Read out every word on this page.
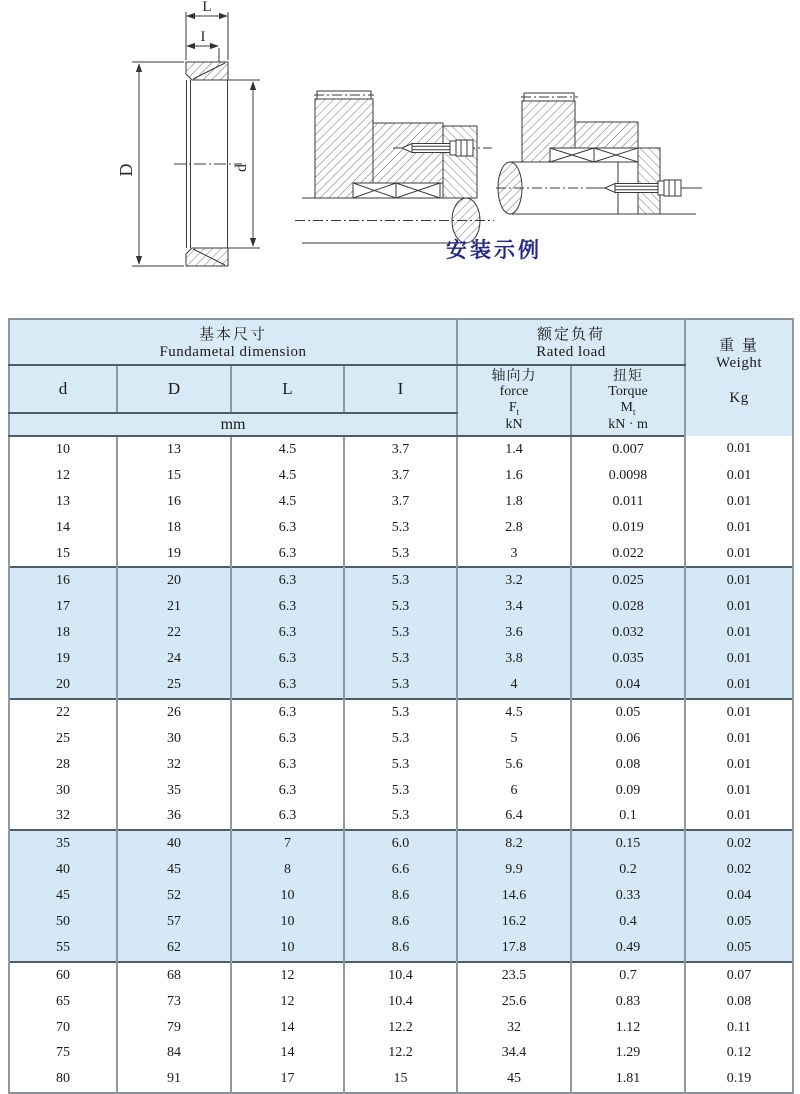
L
I
D	d
安装示例
基本尺寸
Fundametal dimension

额定负荷
Rated load	重 量
Weight
Kg

d	D	L	I	
轴向力
force
$F_t$
kN

扭矩
Torque
$M_t$
kN · m

mm						
10	13	4.5	3.7	1.4	0.007	0.01
12	15	4.5	3.7	1.6	0.0098	0.01
13	16	4.5	3.7	1.8	0.011	0.01
14	18	6.3	5.3	2.8	0.019	0.01
15	19	6.3	5.3	3	0.022	0.01
16	20	6.3	5.3	3.2	0.025	0.01
17	21	6.3	5.3	3.4	0.028	0.01
18	22	6.3	5.3	3.6	0.032	0.01
19	24	6.3	5.3	3.8	0.035	0.01
20	25	6.3	5.3	4	0.04	0.01
22	26	6.3	5.3	4.5	0.05	0.01
25	30	6.3	5.3	5	0.06	0.01
28	32	6.3	5.3	5.6	0.08	0.01
30	35	6.3	5.3	6	0.09	0.01
32	36	6.3	5.3	6.4	0.1	0.01
35	40	7	6.0	8.2	0.15	0.02
40	45	8	6.6	9.9	0.2	0.02
45	52	10	8.6	14.6	0.33	0.04
50	57	10	8.6	16.2	0.4	0.05
55	62	10	8.6	17.8	0.49	0.05
60	68	12	10.4	23.5	0.7	0.07
65	73	12	10.4	25.6	0.83	0.08
70	79	14	12.2	32	1.12	0.11
75	84	14	12.2	34.4	1.29	0.12
80	91	17	15	45	1.81	0.19
